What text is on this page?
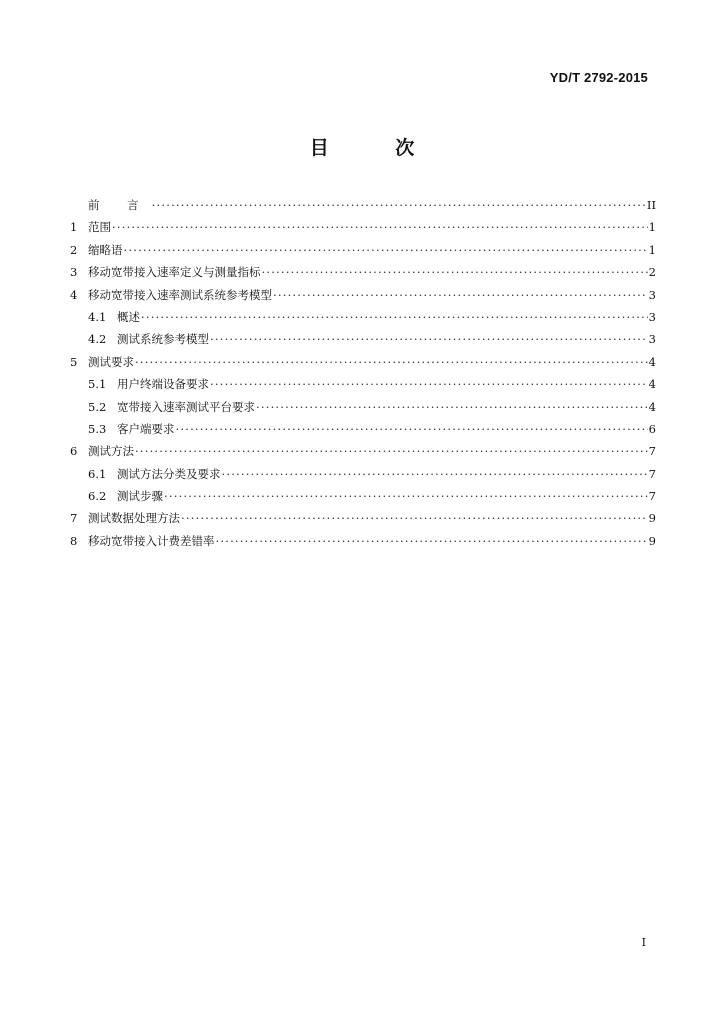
YD/T 2792-2015
目 次
前 言 ·····	II
1 范围 ·····	1
2 缩略语 ·····	1
3 移动宽带接入速率定义与测量指标 ·····	2
4 移动宽带接入速率测试系统参考模型 ·····	3
4.1 概述 ·····	3
4.2 测试系统参考模型 ·····	3
5 测试要求 ·····	4
5.1 用户终端设备要求 ·····	4
5.2 宽带接入速率测试平台要求 ·····	4
5.3 客户端要求 ·····	6
6 测试方法 ·····	7
6.1 测试方法分类及要求 ·····	7
6.2 测试步骤 ·····	7
7 测试数据处理方法 ·····	9
8 移动宽带接入计费差错率 ·····	9
I
